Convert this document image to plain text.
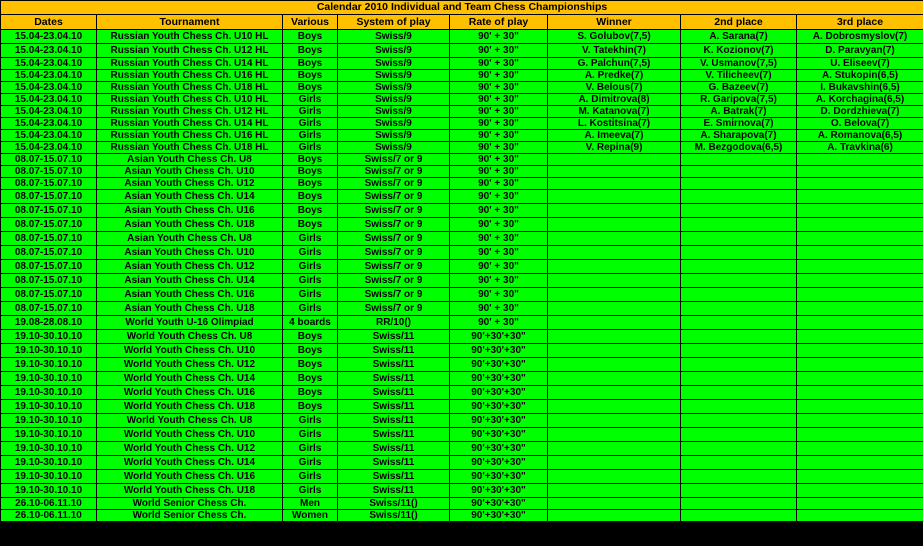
Calendar 2010 Individual and Team Chess Championships							
Dates	Tournament	Various	System of play	Rate of play	Winner	2nd place	3rd place
15.04-23.04.10	Russian Youth Chess Ch. U10 HL	Boys	Swiss/9	90' + 30"	S. Golubov(7,5)	A. Sarana(7)	A. Dobrosmyslov(7)
15.04-23.04.10	Russian Youth Chess Ch. U12 HL	Boys	Swiss/9	90' + 30"	V. Tatekhin(7)	K. Kozionov(7)	D. Paravyan(7)
15.04-23.04.10	Russian Youth Chess Ch. U14 HL	Boys	Swiss/9	90' + 30"	G. Palchun(7,5)	V. Usmanov(7,5)	U. Eliseev(7)
15.04-23.04.10	Russian Youth Chess Ch. U16 HL	Boys	Swiss/9	90' + 30"	A. Predke(7)	V. Tilicheev(7)	A. Stukopin(6,5)
15.04-23.04.10	Russian Youth Chess Ch. U18 HL	Boys	Swiss/9	90' + 30"	V. Belous(7)	G. Bazeev(7)	I. Bukavshin(6,5)
15.04-23.04.10	Russian Youth Chess Ch. U10 HL	Girls	Swiss/9	90' + 30"	A. Dimitrova(8)	R. Garipova(7,5)	A. Korchagina(6,5)
15.04-23.04.10	Russian Youth Chess Ch. U12 HL	Girls	Swiss/9	90' + 30"	M. Katanova(7)	A. Batrak(7)	D. Dordzhieva(7)
15.04-23.04.10	Russian Youth Chess Ch. U14 HL	Girls	Swiss/9	90' + 30"	L. Kostitsina(7)	E. Smirnova(7)	O. Belova(7)
15.04-23.04.10	Russian Youth Chess Ch. U16 HL	Girls	Swiss/9	90' + 30"	A. Imeeva(7)	A. Sharapova(7)	A. Romanova(6,5)
15.04-23.04.10	Russian Youth Chess Ch. U18 HL	Girls	Swiss/9	90' + 30"	V. Repina(9)	M. Bezgodova(6,5)	A. Travkina(6)
08.07-15.07.10	Asian Youth Chess Ch. U8	Boys	Swiss/7 or 9	90' + 30"			
08.07-15.07.10	Asian Youth Chess Ch. U10	Boys	Swiss/7 or 9	90' + 30"			
08.07-15.07.10	Asian Youth Chess Ch. U12	Boys	Swiss/7 or 9	90' + 30"			
08.07-15.07.10	Asian Youth Chess Ch. U14	Boys	Swiss/7 or 9	90' + 30"			
08.07-15.07.10	Asian Youth Chess Ch. U16	Boys	Swiss/7 or 9	90' + 30"			
08.07-15.07.10	Asian Youth Chess Ch. U18	Boys	Swiss/7 or 9	90' + 30"			
08.07-15.07.10	Asian Youth Chess Ch. U8	Girls	Swiss/7 or 9	90' + 30"			
08.07-15.07.10	Asian Youth Chess Ch. U10	Girls	Swiss/7 or 9	90' + 30"			
08.07-15.07.10	Asian Youth Chess Ch. U12	Girls	Swiss/7 or 9	90' + 30"			
08.07-15.07.10	Asian Youth Chess Ch. U14	Girls	Swiss/7 or 9	90' + 30"			
08.07-15.07.10	Asian Youth Chess Ch. U16	Girls	Swiss/7 or 9	90' + 30"			
08.07-15.07.10	Asian Youth Chess Ch. U18	Girls	Swiss/7 or 9	90' + 30"			
19.08-28.08.10	World Youth U-16 Olimpiad	4 boards	RR/10()	90' + 30"			
19.10-30.10.10	World Youth Chess Ch. U8	Boys	Swiss/11	90'+30'+30"			
19.10-30.10.10	World Youth Chess Ch. U10	Boys	Swiss/11	90'+30'+30"			
19.10-30.10.10	World Youth Chess Ch. U12	Boys	Swiss/11	90'+30'+30"			
19.10-30.10.10	World Youth Chess Ch. U14	Boys	Swiss/11	90'+30'+30"			
19.10-30.10.10	World Youth Chess Ch. U16	Boys	Swiss/11	90'+30'+30"			
19.10-30.10.10	World Youth Chess Ch. U18	Boys	Swiss/11	90'+30'+30"			
19.10-30.10.10	World Youth Chess Ch. U8	Girls	Swiss/11	90'+30'+30"			
19.10-30.10.10	World Youth Chess Ch. U10	Girls	Swiss/11	90'+30'+30"			
19.10-30.10.10	World Youth Chess Ch. U12	Girls	Swiss/11	90'+30'+30"			
19.10-30.10.10	World Youth Chess Ch. U14	Girls	Swiss/11	90'+30'+30"			
19.10-30.10.10	World Youth Chess Ch. U16	Girls	Swiss/11	90'+30'+30"			
19.10-30.10.10	World Youth Chess Ch. U18	Girls	Swiss/11	90'+30'+30"			
26.10-06.11.10	World Senior Chess Ch.	Men	Swiss/11()	90'+30'+30"			
26.10-06.11.10	World Senior Chess Ch.	Women	Swiss/11()	90'+30'+30"			
